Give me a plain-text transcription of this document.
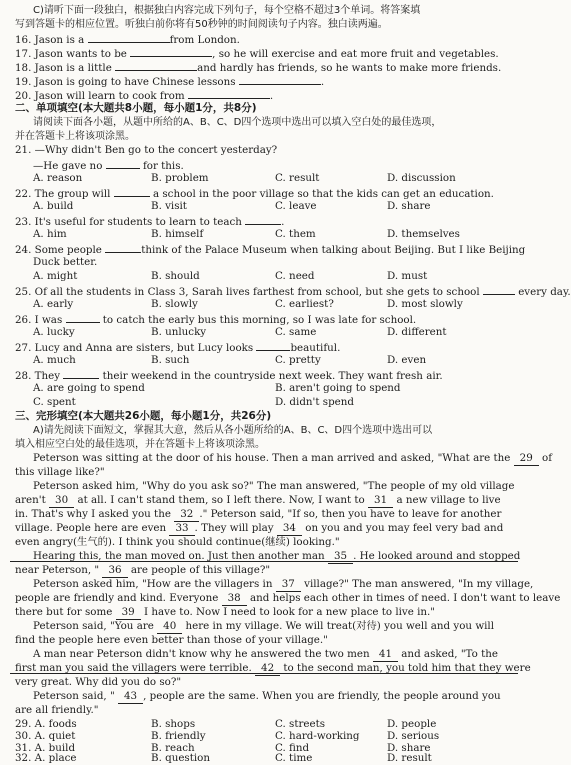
C)请听下面一段独白，根据独白内容完成下列句子，每个空格不超过3个单词。将答案填
写到答题卡的相应位置。听独白前你将有50秒钟的时间阅读句子内容。独白读两遍。
16. Jason is a	from London.
17. Jason wants to be	, so he will exercise and eat more fruit and vegetables.
18. Jason is a little	and hardly has friends, so he wants to make more friends.
19. Jason is going to have Chinese lessons	.
20. Jason will learn to cook from	.
二、单项填空(本大题共8小题，每小题1分，共8分)
请阅读下面各小题，从题中所给的A、B、C、D四个选项中选出可以填入空白处的最佳选项，
并在答题卡上将该项涂黑。
21. —Why didn't Ben go to the concert yesterday?
—He gave no	for this.
A. reason	B. problem	C. result	D. discussion
22. The group will	a school in the poor village so that the kids can get an education.
A. build	B. visit	C. leave	D. share
23. It's useful for students to learn to teach	.
A. him	B. himself	C. them	D. themselves
24. Some people	think of the Palace Museum when talking about Beijing. But I like Beijing
Duck better.
A. might	B. should	C. need	D. must
25. Of all the students in Class 3, Sarah lives farthest from school, but she gets to school	every day.
A. early	B. slowly	C. earliest?	D. most slowly
26. I was	to catch the early bus this morning, so I was late for school.
A. lucky	B. unlucky	C. same	D. different
27. Lucy and Anna are sisters, but Lucy looks	beautiful.
A. much	B. such	C. pretty	D. even
28. They	their weekend in the countryside next week. They want fresh air.
A. are going to spend	B. aren't going to spend
C. spent	D. didn't spend
三、完形填空(本大题共26小题，每小题1分，共26分)
A)请先阅读下面短文，掌握其大意，然后从各小题所给的A、B、C、D四个选项中选出可以
填入相应空白处的最佳选项，并在答题卡上将该项涂黑。
Peterson was sitting at the door of his house. Then a man arrived and asked, "What are the 29 of
this village like?"
Peterson asked him, "Why do you ask so?" The man answered, "The people of my old village
aren't 30 at all. I can't stand them, so I left there. Now, I want to 31 a new village to live
in. That's why I asked you the 32 ." Peterson said, "If so, then you have to leave for another
village. People here are even 33 . They will play 34 on you and you may feel very bad and
even angry(生气的). I think you should continue(继续) looking."
Hearing this, the man moved on. Just then another man 35 . He looked around and stopped
near Peterson, " 36 are people of this village?"
Peterson asked him, "How are the villagers in 37 village?" The man answered, "In my village,
people are friendly and kind. Everyone 38 and helps each other in times of need. I don't want to leave
there but for some 39 I have to. Now I need to look for a new place to live in."
Peterson said, "You are 40 here in my village. We will treat(对待) you well and you will
find the people here even better than those of your village."
A man near Peterson didn't know why he answered the two men 41 and asked, "To the
first man you said the villagers were terrible. 42 to the second man, you told him that they were
very great. Why did you do so?"
Peterson said, " 43 , people are the same. When you are friendly, the people around you
are all friendly."
29. A. foods	B. shops	C. streets	D. people
30. A. quiet	B. friendly	C. hard-working	D. serious
31. A. build	B. reach	C. find	D. share
32. A. place	B. question	C. time	D. result
